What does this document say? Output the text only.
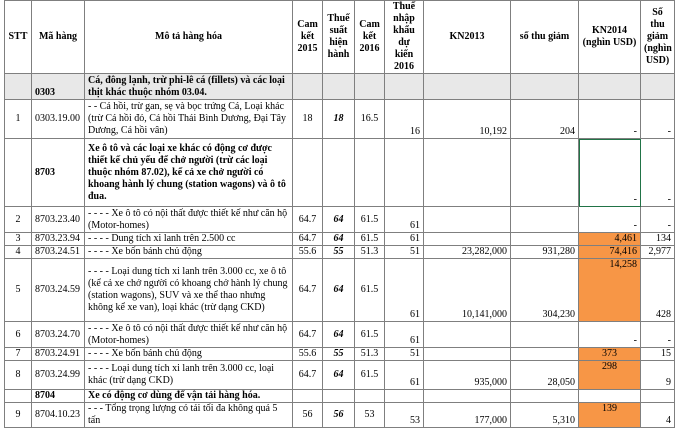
STT	Mã hàng	Mô tả hàng hóa	Cam kết 2015	Thuế suất hiện hành	Cam kết 2016	Thuế nhập khẩu dự kiến 2016	KN2013	số thu giảm	KN2014 (nghìn USD)	Số thu giảm (nghìn USD)
	0303	Cá, đông lạnh, trừ phi-lê cá (fillets) và các loại thịt khác thuộc nhóm 03.04.								
1	0303.19.00	- - Cá hồi, trừ gan, sẹ và bọc trứng Cá, Loại khác (trừ Cá hồi đỏ, Cá hồi Thái Bình Dương, Đại Tây Dương, Cá hồi vân)	18	18	16.5	16	10,192	204	-	-
	8703	Xe ô tô và các loại xe khác có động cơ được thiết kế chủ yếu để chở người (trừ các loại thuộc nhóm 87.02), kể cả xe chở người có khoang hành lý chung (station wagons) và ô tô đua.							-	-
2	8703.23.40	- - - - Xe ô tô có nội thất được thiết kế như căn hộ (Motor-homes)	64.7	64	61.5	61			-	-
3	8703.23.94	- - - - Dung tích xi lanh trên 2.500 cc	64.7	64	61.5	61			4,461	134
4	8703.24.51	- - - - Xe bốn bánh chủ động	55.6	55	51.3	51	23,282,000	931,280	74,416	2,977
5	8703.24.59	- - - - Loại dung tích xi lanh trên 3.000 cc, xe ô tô (kể cả xe chở người có khoang chở hành lý chung (station wagons), SUV và xe thể thao nhưng không kể xe van), loại khác (trừ dạng CKD)	64.7	64	61.5	61	10,141,000	304,230	14,258	428
6	8703.24.70	- - - - Xe ô tô có nội thất được thiết kế như căn hộ (Motor-homes)	64.7	64	61.5	61			-	-
7	8703.24.91	- - - - Xe bốn bánh chủ động	55.6	55	51.3	51			373	15
8	8703.24.99	- - - - Loại dung tích xi lanh trên 3.000 cc, loại khác (trừ dạng CKD)	64.7	64	61.5	61	935,000	28,050	298	9
	8704	Xe có động cơ dùng để vận tải hàng hóa.								
9	8704.10.23	- - - Tổng trọng lượng có tải tối đa không quá 5 tấn	56	56	53	53	177,000	5,310	139	4
